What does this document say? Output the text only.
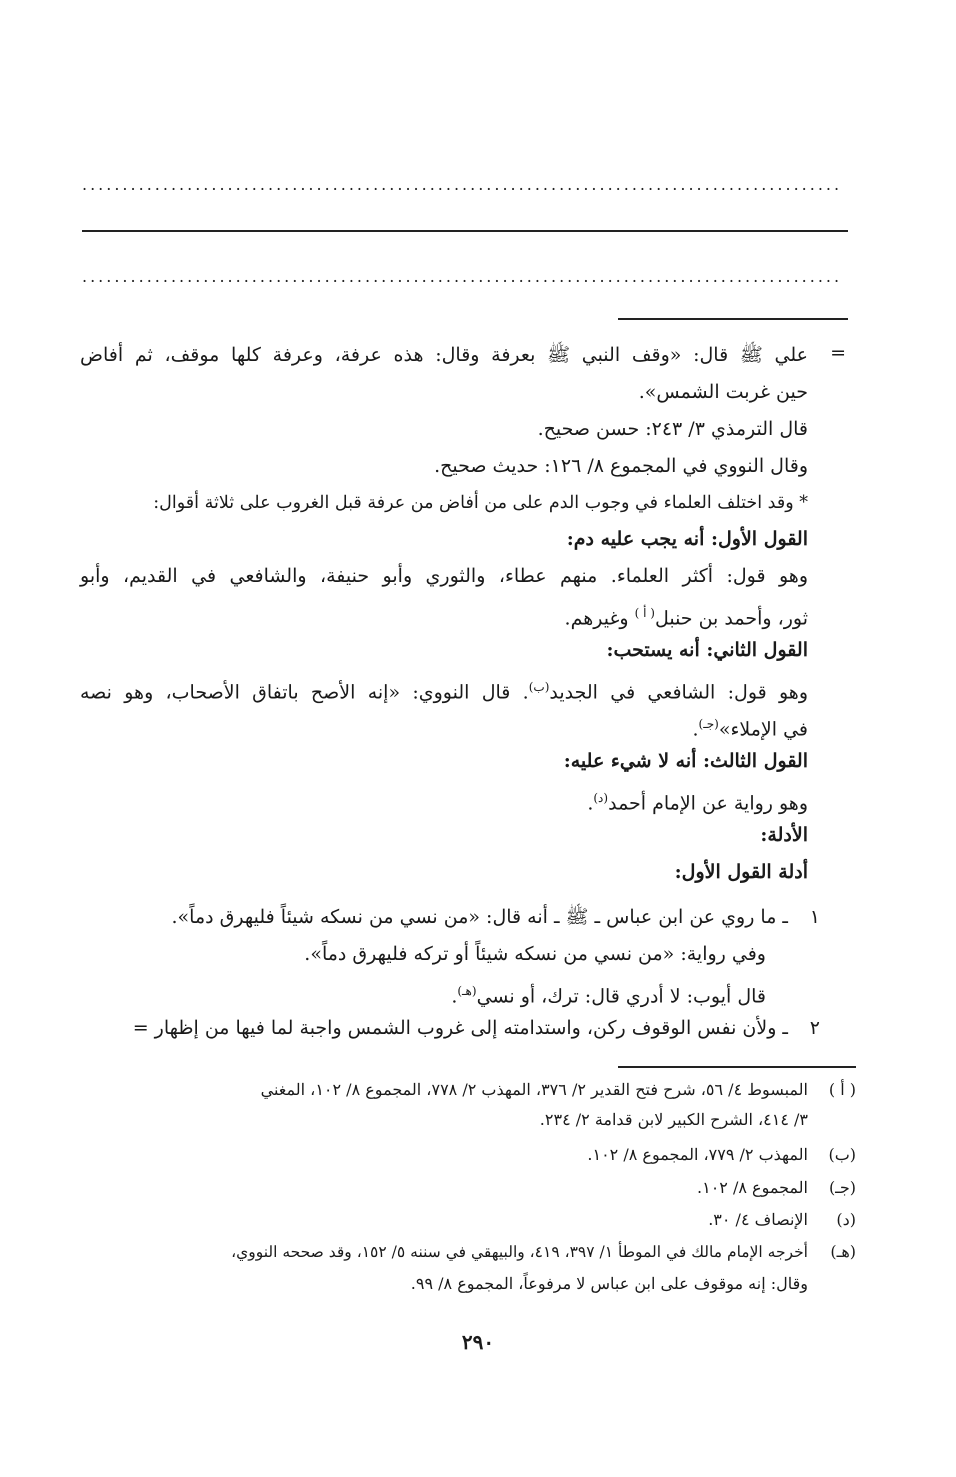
.....
.....
=
علي ﷺ قال: «وقف النبي ﷺ بعرفة وقال: هذه عرفة، وعرفة كلها موقف، ثم أفاض
حين غربت الشمس».
قال الترمذي ٣/ ٢٤٣: حسن صحيح.
وقال النووي في المجموع ٨/ ١٢٦: حديث صحيح.
* وقد اختلف العلماء في وجوب الدم على من أفاض من عرفة قبل الغروب على ثلاثة أقوال:
القول الأول: أنه يجب عليه دم:
وهو قول: أكثر العلماء. منهم عطاء، والثوري وأبو حنيفة، والشافعي في القديم، وأبو
ثور، وأحمد بن حنبل$^{( أ )}$ وغيرهم.
القول الثاني: أنه يستحب:
وهو قول: الشافعي في الجديد$^{(ب)}$. قال النووي: «إنه الأصح باتفاق الأصحاب، وهو نصه
في الإملاء»$^{(جـ)}$.
القول الثالث: أنه لا شيء عليه:
وهو رواية عن الإمام أحمد$^{(د)}$.
الأدلة:
أدلة القول الأول:
١
ـ ما روي عن ابن عباس ـ ﷺ ـ أنه قال: «من نسي من نسكه شيئاً فليهرق دماً».
وفي رواية: «من نسي من نسكه شيئاً أو تركه فليهرق دماً».
قال أيوب: لا أدري قال: ترك، أو نسي$^{(هـ)}$.
٢
ـ ولأن نفس الوقوف ركن، واستدامته إلى غروب الشمس واجبة لما فيها من إظهار =
( أ )
المبسوط ٤/ ٥٦، شرح فتح القدير ٢/ ٣٧٦، المهذب ٢/ ٧٧٨، المجموع ٨/ ١٠٢، المغني
٣/ ٤١٤، الشرح الكبير لابن قدامة ٢/ ٢٣٤.
(ب)
المهذب ٢/ ٧٧٩، المجموع ٨/ ١٠٢.
(جـ)
المجموع ٨/ ١٠٢.
(د)
الإنصاف ٤/ ٣٠.
(هـ)
أخرجه الإمام مالك في الموطأ ١/ ٣٩٧، ٤١٩، والبيهقي في سننه ٥/ ١٥٢، وقد صححه النووي،
وقال: إنه موقوف على ابن عباس لا مرفوعاً، المجموع ٨/ ٩٩.
٢٩٠
